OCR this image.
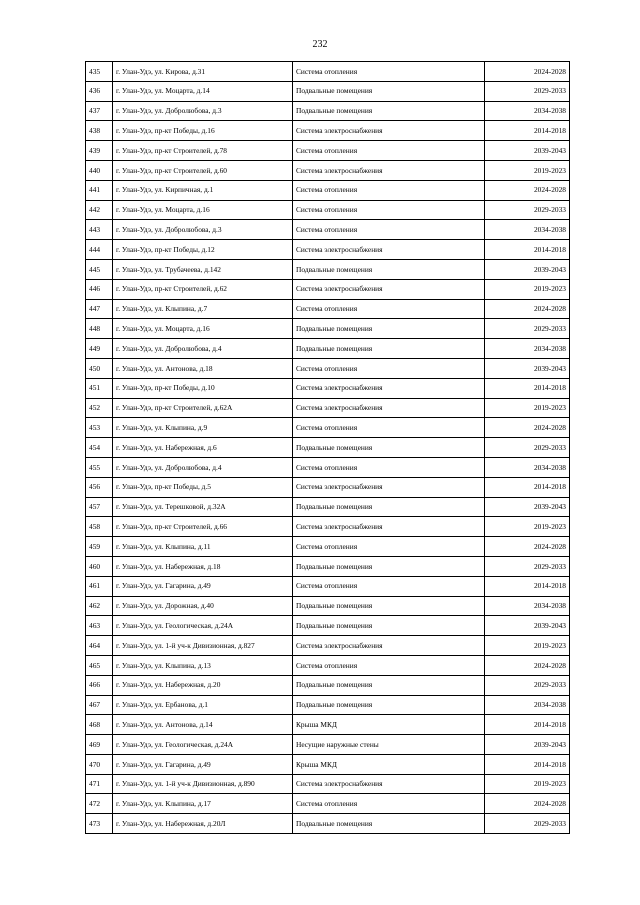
232
435	г. Улан-Удэ, ул. Кирова, д.31	Система отопления	2024-2028
436	г. Улан-Удэ, ул. Моцарта, д.14	Подвальные помещения	2029-2033
437	г. Улан-Удэ, ул. Добролюбова, д.3	Подвальные помещения	2034-2038
438	г. Улан-Удэ, пр-кт Победы, д.16	Система электроснабжения	2014-2018
439	г. Улан-Удэ, пр-кт Строителей, д.78	Система отопления	2039-2043
440	г. Улан-Удэ, пр-кт Строителей, д.60	Система электроснабжения	2019-2023
441	г. Улан-Удэ, ул. Кирпичная, д.1	Система отопления	2024-2028
442	г. Улан-Удэ, ул. Моцарта, д.16	Система отопления	2029-2033
443	г. Улан-Удэ, ул. Добролюбова, д.3	Система отопления	2034-2038
444	г. Улан-Удэ, пр-кт Победы, д.12	Система электроснабжения	2014-2018
445	г. Улан-Удэ, ул. Трубачеева, д.142	Подвальные помещения	2039-2043
446	г. Улан-Удэ, пр-кт Строителей, д.62	Система электроснабжения	2019-2023
447	г. Улан-Удэ, ул. Клыпина, д.7	Система отопления	2024-2028
448	г. Улан-Удэ, ул. Моцарта, д.16	Подвальные помещения	2029-2033
449	г. Улан-Удэ, ул. Добролюбова, д.4	Подвальные помещения	2034-2038
450	г. Улан-Удэ, ул. Антонова, д.18	Система отопления	2039-2043
451	г. Улан-Удэ, пр-кт Победы, д.10	Система электроснабжения	2014-2018
452	г. Улан-Удэ, пр-кт Строителей, д.62А	Система электроснабжения	2019-2023
453	г. Улан-Удэ, ул. Клыпина, д.9	Система отопления	2024-2028
454	г. Улан-Удэ, ул. Набережная, д.6	Подвальные помещения	2029-2033
455	г. Улан-Удэ, ул. Добролюбова, д.4	Система отопления	2034-2038
456	г. Улан-Удэ, пр-кт Победы, д.5	Система электроснабжения	2014-2018
457	г. Улан-Удэ, ул. Терешковой, д.32А	Подвальные помещения	2039-2043
458	г. Улан-Удэ, пр-кт Строителей, д.66	Система электроснабжения	2019-2023
459	г. Улан-Удэ, ул. Клыпина, д.11	Система отопления	2024-2028
460	г. Улан-Удэ, ул. Набережная, д.18	Подвальные помещения	2029-2033
461	г. Улан-Удэ, ул. Гагарина, д.49	Система отопления	2014-2018
462	г. Улан-Удэ, ул. Дорожная, д.40	Подвальные помещения	2034-2038
463	г. Улан-Удэ, ул. Геологическая, д.24А	Подвальные помещения	2039-2043
464	г. Улан-Удэ, ул. 1-й уч-к Дивизионная, д.827	Система электроснабжения	2019-2023
465	г. Улан-Удэ, ул. Клыпина, д.13	Система отопления	2024-2028
466	г. Улан-Удэ, ул. Набережная, д.20	Подвальные помещения	2029-2033
467	г. Улан-Удэ, ул. Ербанова, д.1	Подвальные помещения	2034-2038
468	г. Улан-Удэ, ул. Антонова, д.14	Крыша МКД	2014-2018
469	г. Улан-Удэ, ул. Геологическая, д.24А	Несущие наружные стены	2039-2043
470	г. Улан-Удэ, ул. Гагарина, д.49	Крыша МКД	2014-2018
471	г. Улан-Удэ, ул. 1-й уч-к Дивизионная, д.890	Система электроснабжения	2019-2023
472	г. Улан-Удэ, ул. Клыпина, д.17	Система отопления	2024-2028
473	г. Улан-Удэ, ул. Набережная, д.20Л	Подвальные помещения	2029-2033
